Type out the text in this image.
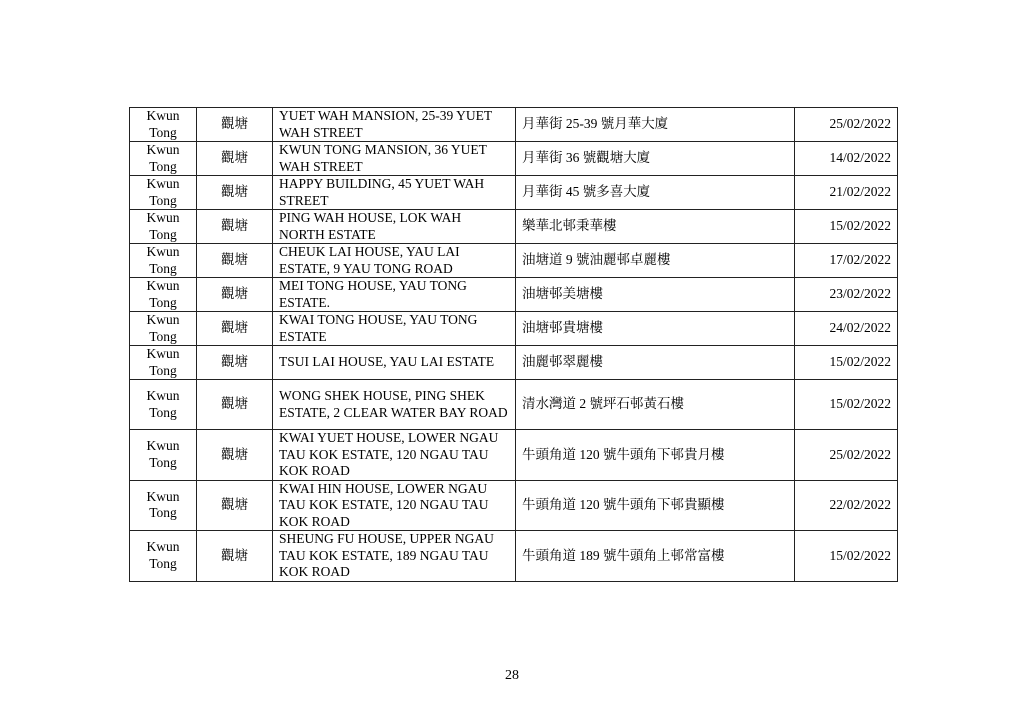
Kwun Tong	觀塘	YUET WAH MANSION, 25-39 YUET WAH STREET	月華街 25-39 號月華大廈	25/02/2022
Kwun Tong	觀塘	KWUN TONG MANSION, 36 YUET WAH STREET	月華街 36 號觀塘大廈	14/02/2022
Kwun Tong	觀塘	HAPPY BUILDING, 45 YUET WAH STREET	月華街 45 號多喜大廈	21/02/2022
Kwun Tong	觀塘	PING WAH HOUSE, LOK WAH NORTH ESTATE	樂華北邨秉華樓	15/02/2022
Kwun Tong	觀塘	CHEUK LAI HOUSE, YAU LAI ESTATE, 9 YAU TONG ROAD	油塘道 9 號油麗邨卓麗樓	17/02/2022
Kwun Tong	觀塘	MEI TONG HOUSE, YAU TONG ESTATE.	油塘邨美塘樓	23/02/2022
Kwun Tong	觀塘	KWAI TONG HOUSE, YAU TONG ESTATE	油塘邨貴塘樓	24/02/2022
Kwun Tong	觀塘	TSUI LAI HOUSE, YAU LAI ESTATE	油麗邨翠麗樓	15/02/2022
Kwun Tong	觀塘	WONG SHEK HOUSE, PING SHEK ESTATE, 2 CLEAR WATER BAY ROAD	清水灣道 2 號坪石邨黃石樓	15/02/2022
Kwun Tong	觀塘	KWAI YUET HOUSE, LOWER NGAU TAU KOK ESTATE, 120 NGAU TAU KOK ROAD	牛頭角道 120 號牛頭角下邨貴月樓	25/02/2022
Kwun Tong	觀塘	KWAI HIN HOUSE, LOWER NGAU TAU KOK ESTATE, 120 NGAU TAU KOK ROAD	牛頭角道 120 號牛頭角下邨貴顯樓	22/02/2022
Kwun Tong	觀塘	SHEUNG FU HOUSE, UPPER NGAU TAU KOK ESTATE, 189 NGAU TAU KOK ROAD	牛頭角道 189 號牛頭角上邨常富樓	15/02/2022
28
